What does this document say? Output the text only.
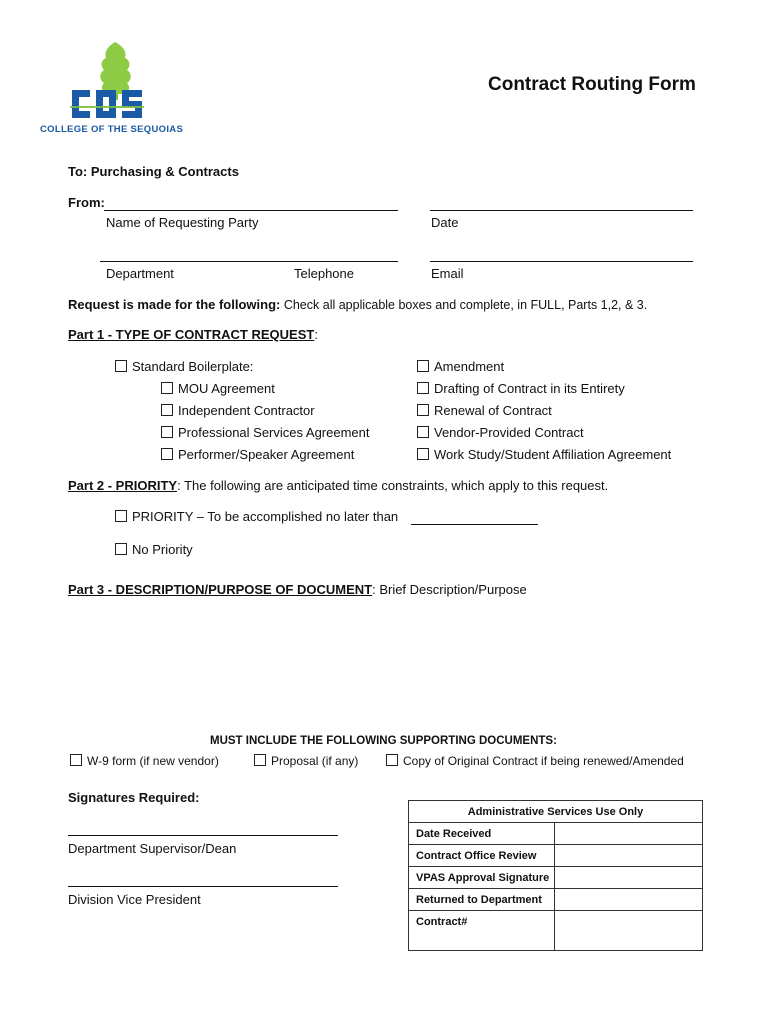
COLLEGE OF THE SEQUOIAS
Contract Routing Form
To: Purchasing & Contracts
From:
Name of Requesting Party	Date
Department	Telephone	Email
Request is made for the following: Check all applicable boxes and complete, in FULL, Parts 1,2, & 3.
Part 1 - TYPE OF CONTRACT REQUEST:
Standard Boilerplate:
MOU Agreement
Independent Contractor
Professional Services Agreement
Performer/Speaker Agreement
Amendment
Drafting of Contract in its Entirety
Renewal of Contract
Vendor-Provided Contract
Work Study/Student Affiliation Agreement
Part 2 - PRIORITY: The following are anticipated time constraints, which apply to this request.
PRIORITY – To be accomplished no later than
No Priority
Part 3 - DESCRIPTION/PURPOSE OF DOCUMENT: Brief Description/Purpose
MUST INCLUDE THE FOLLOWING SUPPORTING DOCUMENTS:
W-9 form (if new vendor)	Proposal (if any)	Copy of Original Contract if being renewed/Amended
Signatures Required:
Department Supervisor/Dean
Division Vice President
Administrative Services Use Only	
Date Received	
Contract Office Review	
VPAS Approval Signature	
Returned to Department	
Contract#	
